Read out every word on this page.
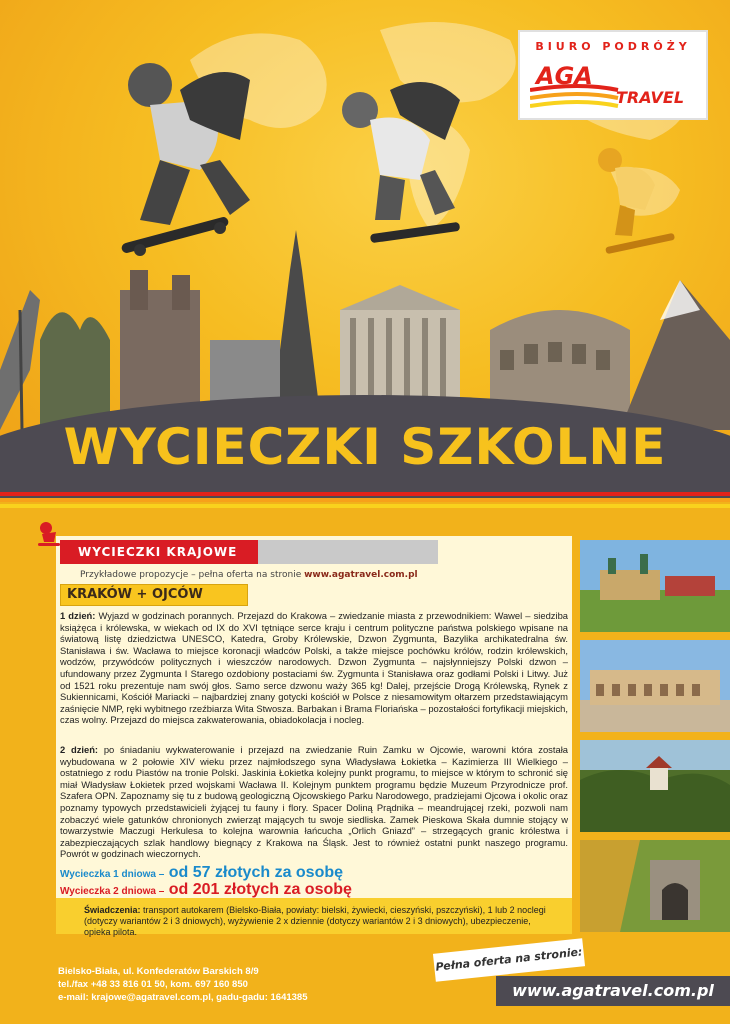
WYCIECZKI SZKOLNE
BIURO PODRÓŻY
AGA
TRAVEL
WYCIECZKI KRAJOWE
Przykładowe propozycje – pełna oferta na stronie www.agatravel.com.pl
KRAKÓW + OJCÓW
1 dzień: Wyjazd w godzinach porannych. Przejazd do Krakowa – zwiedzanie miasta z przewodnikiem: Wawel – siedziba książęca i królewska, w wiekach od IX do XVI tętniące serce kraju i centrum polityczne państwa polskiego wpisane na światową listę dziedzictwa UNESCO, Katedra, Groby Królewskie, Dzwon Zygmunta, Bazylika archikatedralna św. Stanisława i św. Wacława to miejsce koronacji władców Polski, a także miejsce pochówku królów, rodzin królewskich, wodzów, przywódców politycznych i wieszczów narodowych. Dzwon Zygmunta – najsłynniejszy Polski dzwon – ufundowany przez Zygmunta I Starego ozdobiony postaciami św. Zygmunta i Stanisława oraz godłami Polski i Litwy. Już od 1521 roku prezentuje nam swój głos. Samo serce dzwonu waży 365 kg! Dalej, przejście Drogą Królewską, Rynek z Sukiennicami, Kościół Mariacki – najbardziej znany gotycki kościół w Polsce z niesamowitym ołtarzem przedstawiającym zaśnięcie NMP, ręki wybitnego rzeźbiarza Wita Stwosza. Barbakan i Brama Floriańska – pozostałości fortyfikacji miejskich, czas wolny. Przejazd do miejsca zakwaterowania, obiadokolacja i nocleg.
2 dzień: po śniadaniu wykwaterowanie i przejazd na zwiedzanie Ruin Zamku w Ojcowie, warowni która została wybudowana w 2 połowie XIV wieku przez najmłodszego syna Władysława Łokietka – Kazimierza III Wielkiego – ostatniego z rodu Piastów na tronie Polski. Jaskinia Łokietka kolejny punkt programu, to miejsce w którym to schronić się miał Władysław Łokietek przed wojskami Wacława II. Kolejnym punktem programu będzie Muzeum Przyrodnicze prof. Szafera OPN. Zapoznamy się tu z budową geologiczną Ojcowskiego Parku Narodowego, pradziejami Ojcowa i okolic oraz poznamy typowych przedstawicieli żyjącej tu fauny i flory. Spacer Doliną Prądnika – meandrującej rzeki, pozwoli nam zobaczyć wiele gatunków chronionych zwierząt mających tu swoje siedliska. Zamek Pieskowa Skała dumnie stojący w towarzystwie Maczugi Herkulesa to kolejna warownia łańcucha „Orlich Gniazd” – strzegących granic królestwa i zabezpieczających szlak handlowy biegnący z Krakowa na Śląsk. Jest to również ostatni punkt naszego programu. Powrót w godzinach wieczornych.
Wycieczka 1 dniowa – od 57 złotych za osobę
Wycieczka 2 dniowa – od 201 złotych za osobę
Świadczenia: transport autokarem (Bielsko-Biała, powiaty: bielski, żywiecki, cieszyński, pszczyński), 1 lub 2 noclegi (dotyczy wariantów 2 i 3 dniowych), wyżywienie 2 x dziennie (dotyczy wariantów 2 i 3 dniowych), ubezpieczenie, opieka pilota.

Bielsko-Biała, ul. Konfederatów Barskich 8/9
tel./fax +48 33 816 01 50, kom. 697 160 850
e-mail: krajowe@agatravel.com.pl, gadu-gadu: 1641385
Pełna oferta na stronie:
www.agatravel.com.pl
